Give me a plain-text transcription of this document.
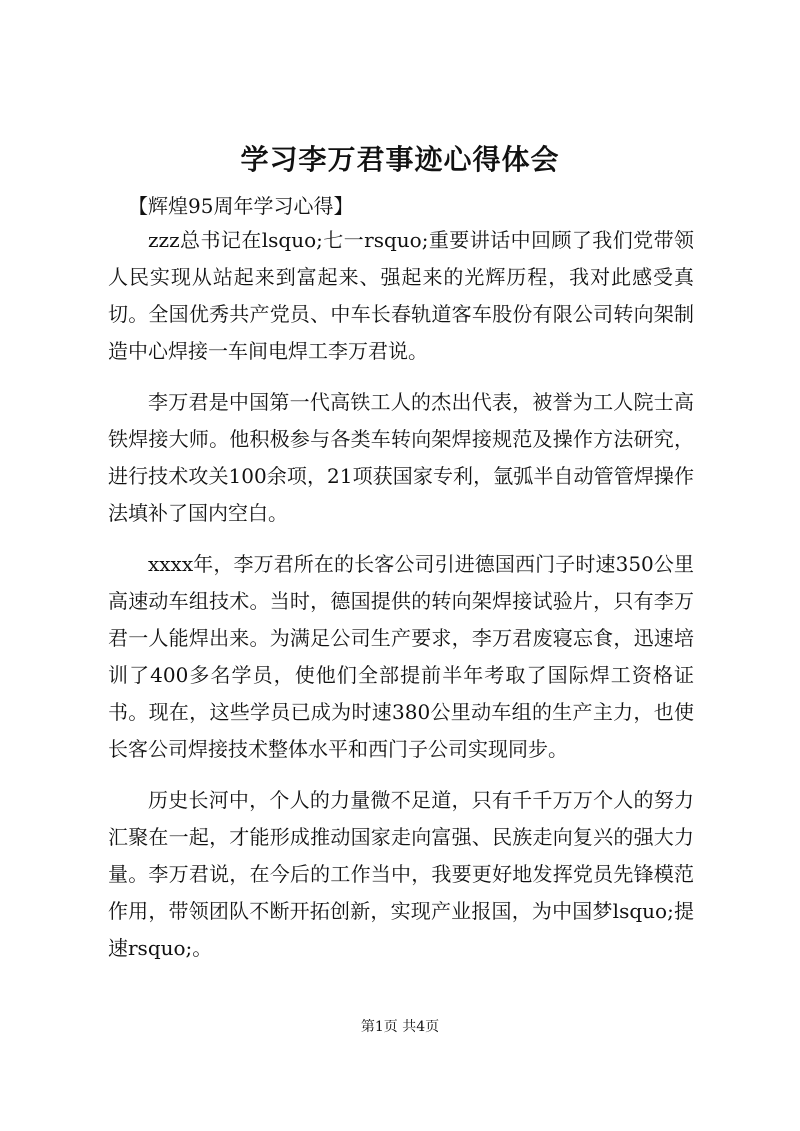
学习李万君事迹心得体会
【辉煌95周年学习心得】

zzz总书记在lsquo;七一rsquo;重要讲话中回顾了我们党带领人民实现从站起来到富起来、强起来的光辉历程，我对此感受真切。全国优秀共产党员、中车长春轨道客车股份有限公司转向架制造中心焊接一车间电焊工李万君说。

李万君是中国第一代高铁工人的杰出代表，被誉为工人院士高铁焊接大师。他积极参与各类车转向架焊接规范及操作方法研究，进行技术攻关100余项，21项获国家专利，氩弧半自动管管焊操作法填补了国内空白。

xxxx年，李万君所在的长客公司引进德国西门子时速350公里高速动车组技术。当时，德国提供的转向架焊接试验片，只有李万君一人能焊出来。为满足公司生产要求，李万君废寝忘食，迅速培训了400多名学员，使他们全部提前半年考取了国际焊工资格证书。现在，这些学员已成为时速380公里动车组的生产主力，也使长客公司焊接技术整体水平和西门子公司实现同步。

历史长河中，个人的力量微不足道，只有千千万万个人的努力汇聚在一起，才能形成推动国家走向富强、民族走向复兴的强大力量。李万君说，在今后的工作当中，我要更好地发挥党员先锋模范作用，带领团队不断开拓创新，实现产业报国，为中国梦lsquo;提速rsquo;。

第1页 共4页
